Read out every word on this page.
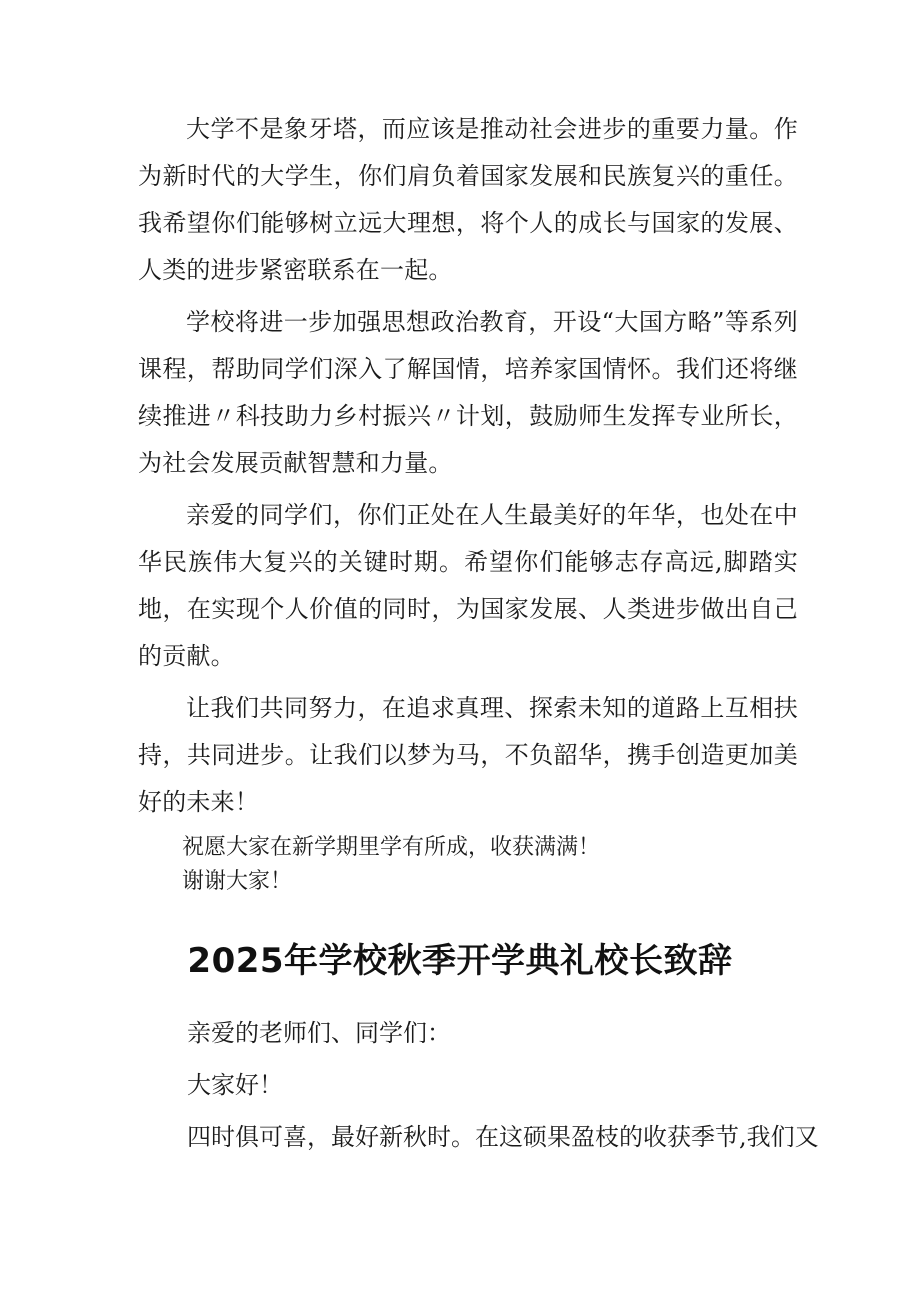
大学不是象牙塔，而应该是推动社会进步的重要力量。作为新时代的大学生，你们肩负着国家发展和民族复兴的重任。我希望你们能够树立远大理想，将个人的成长与国家的发展、人类的进步紧密联系在一起。

学校将进一步加强思想政治教育，开设“大国方略”等系列课程，帮助同学们深入了解国情，培养家国情怀。我们还将继续推进〃科技助力乡村振兴〃计划，鼓励师生发挥专业所长，为社会发展贡献智慧和力量。

亲爱的同学们，你们正处在人生最美好的年华，也处在中华民族伟大复兴的关键时期。希望你们能够志存高远,脚踏实地，在实现个人价值的同时，为国家发展、人类进步做出自己的贡献。

让我们共同努力，在追求真理、探索未知的道路上互相扶持，共同进步。让我们以梦为马，不负韶华，携手创造更加美好的未来！

祝愿大家在新学期里学有所成，收获满满！

谢谢大家！

2025年学校秋季开学典礼校长致辞

亲爱的老师们、同学们：

大家好！

四时俱可喜，最好新秋时。在这硕果盈枝的收获季节,我们又
